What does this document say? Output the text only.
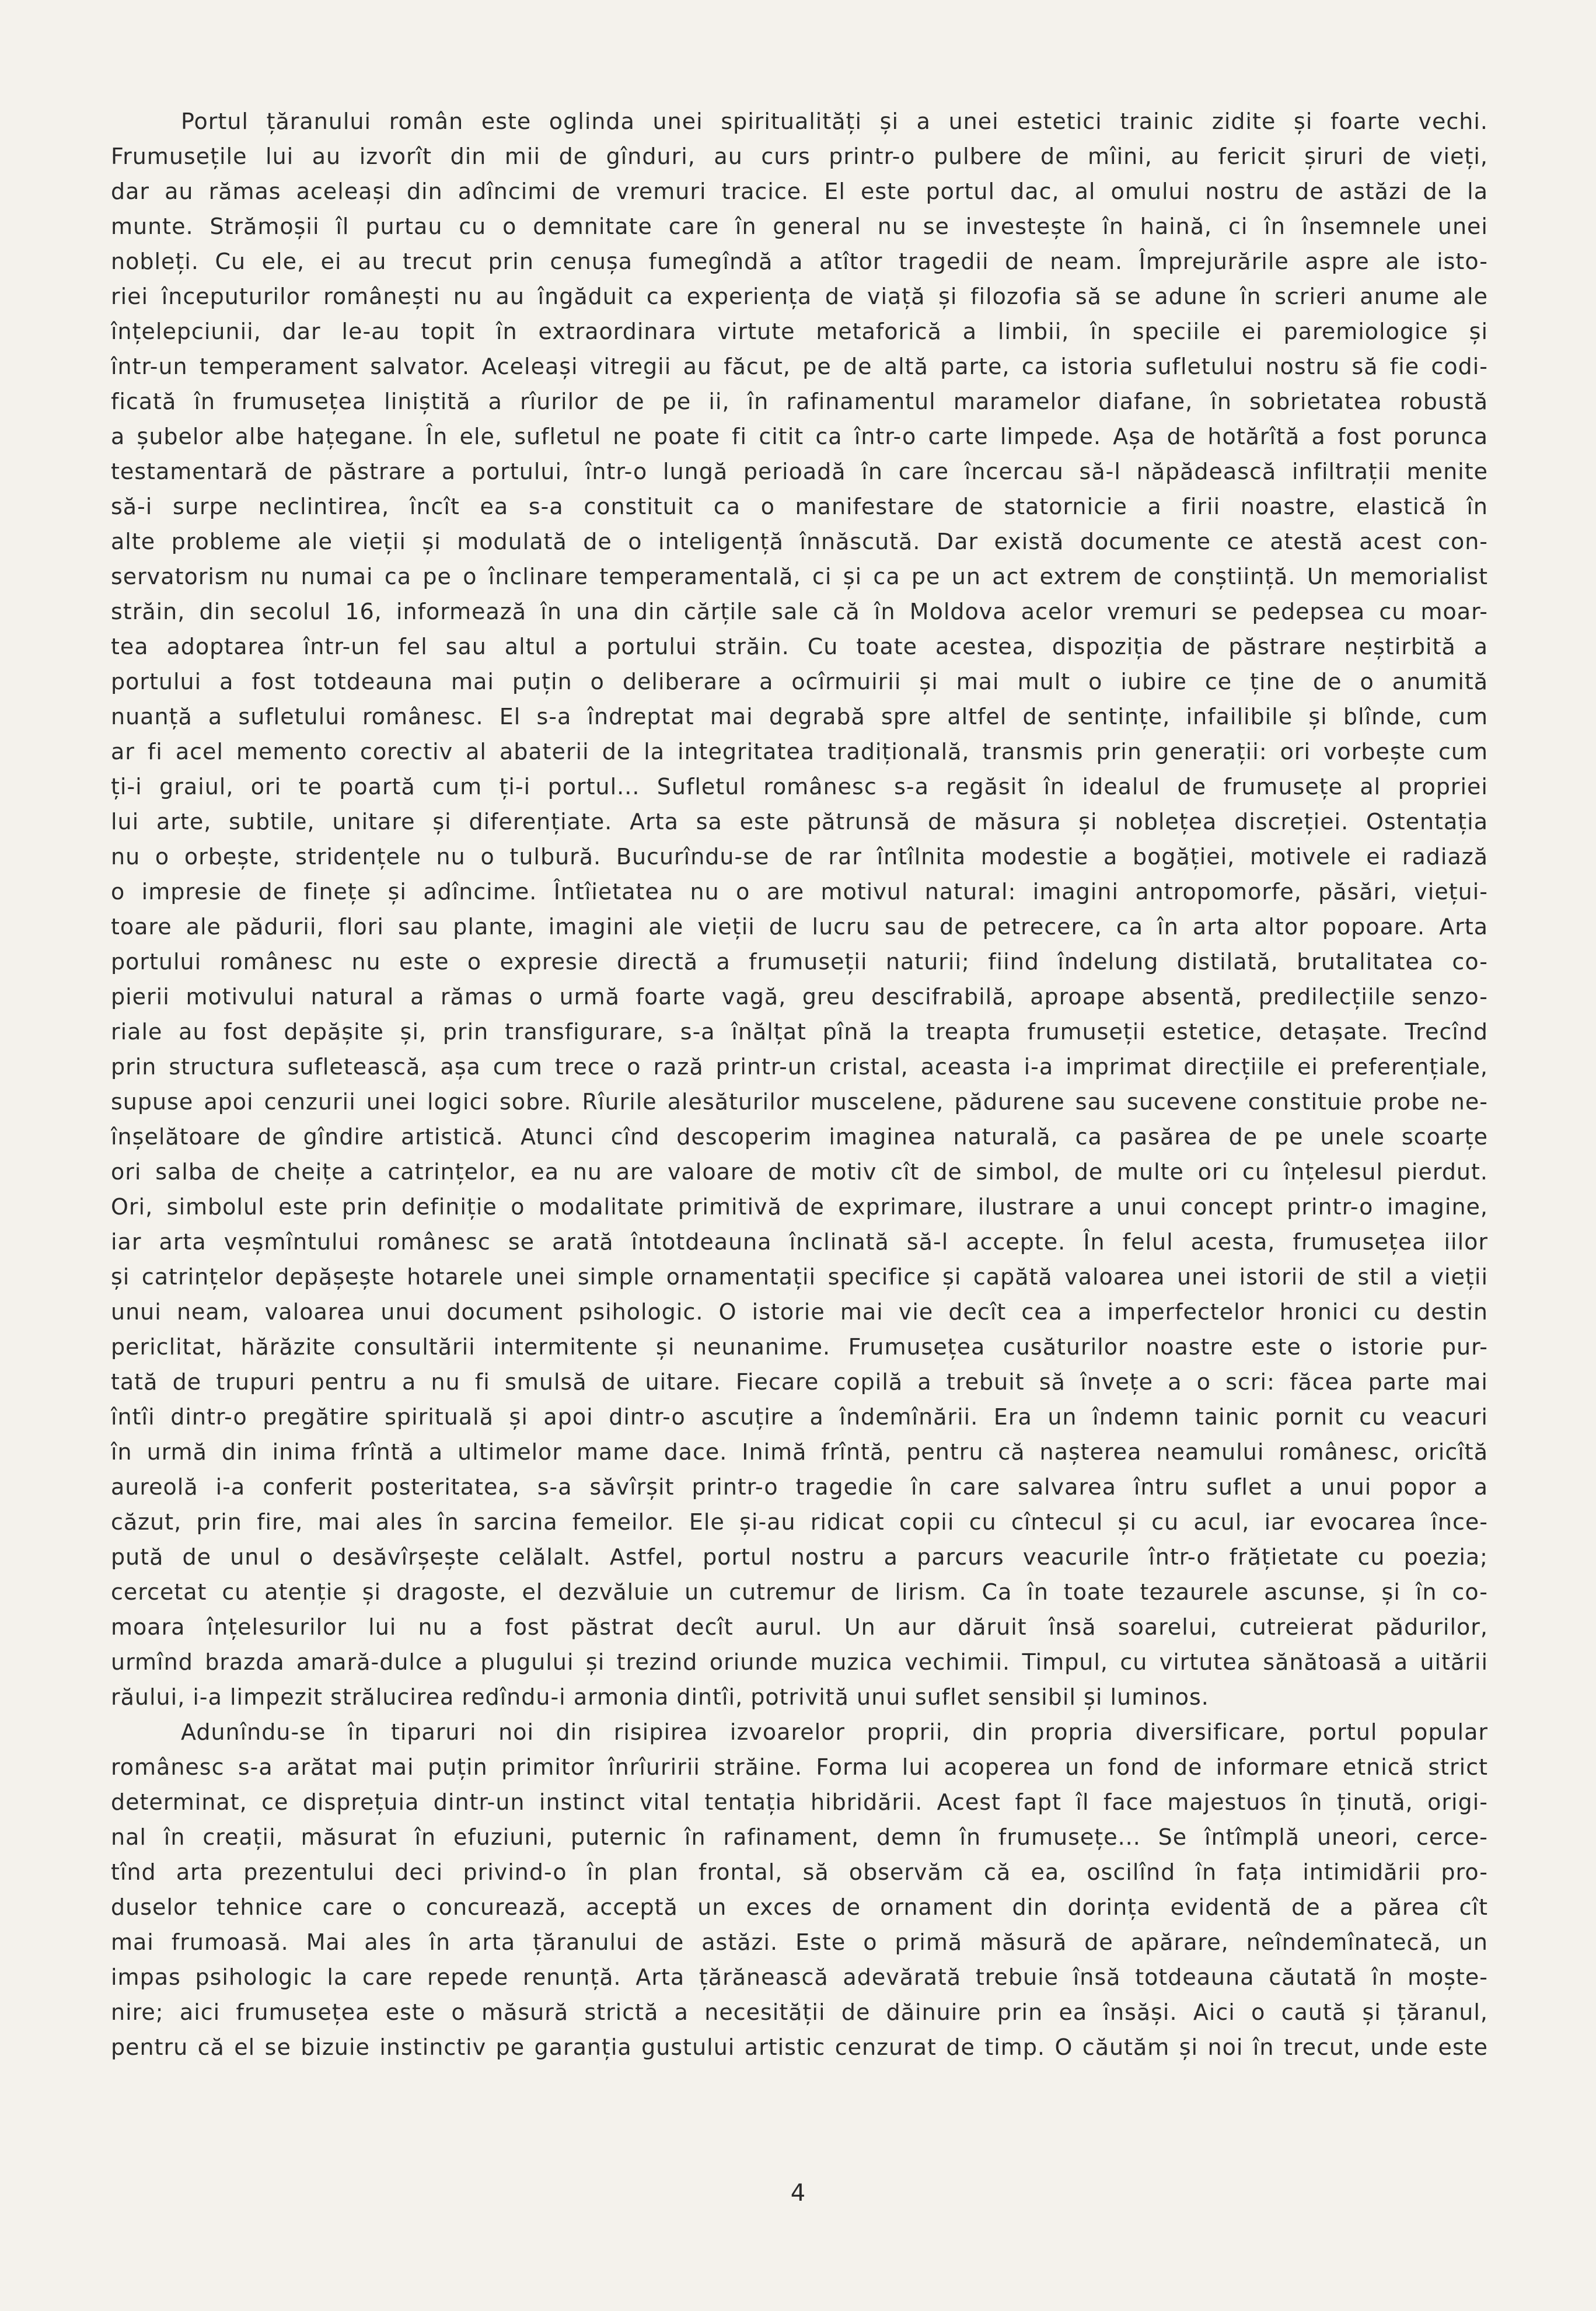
Portul țăranului român este oglinda unei spiritualități și a unei estetici trainic zidite și foarte vechi.
Frumusețile lui au izvorît din mii de gînduri, au curs printr-o pulbere de mîini, au fericit șiruri de vieți,
dar au rămas aceleași din adîncimi de vremuri tracice. El este portul dac, al omului nostru de astăzi de la
munte. Strămoșii îl purtau cu o demnitate care în general nu se investește în haină, ci în însemnele unei
nobleți. Cu ele, ei au trecut prin cenușa fumegîndă a atîtor tragedii de neam. Împrejurările aspre ale isto-
riei începuturilor românești nu au îngăduit ca experiența de viață și filozofia să se adune în scrieri anume ale
înțelepciunii, dar le-au topit în extraordinara virtute metaforică a limbii, în speciile ei paremiologice și
într-un temperament salvator. Aceleași vitregii au făcut, pe de altă parte, ca istoria sufletului nostru să fie codi-
ficată în frumusețea liniștită a rîurilor de pe ii, în rafinamentul maramelor diafane, în sobrietatea robustă
a șubelor albe hațegane. În ele, sufletul ne poate fi citit ca într-o carte limpede. Așa de hotărîtă a fost porunca
testamentară de păstrare a portului, într-o lungă perioadă în care încercau să-l năpădească infiltrații menite
să-i surpe neclintirea, încît ea s-a constituit ca o manifestare de statornicie a firii noastre, elastică în
alte probleme ale vieții și modulată de o inteligență înnăscută. Dar există documente ce atestă acest con-
servatorism nu numai ca pe o înclinare temperamentală, ci și ca pe un act extrem de conștiință. Un memorialist
străin, din secolul 16, informează în una din cărțile sale că în Moldova acelor vremuri se pedepsea cu moar-
tea adoptarea într-un fel sau altul a portului străin. Cu toate acestea, dispoziția de păstrare neștirbită a
portului a fost totdeauna mai puțin o deliberare a ocîrmuirii și mai mult o iubire ce ține de o anumită
nuanță a sufletului românesc. El s-a îndreptat mai degrabă spre altfel de sentințe, infailibile și blînde, cum
ar fi acel memento corectiv al abaterii de la integritatea tradițională, transmis prin generații: ori vorbește cum
ți-i graiul, ori te poartă cum ți-i portul... Sufletul românesc s-a regăsit în idealul de frumusețe al propriei
lui arte, subtile, unitare și diferențiate. Arta sa este pătrunsă de măsura și noblețea discreției. Ostentația
nu o orbește, stridențele nu o tulbură. Bucurîndu-se de rar întîlnita modestie a bogăției, motivele ei radiază
o impresie de finețe și adîncime. Întîietatea nu o are motivul natural: imagini antropomorfe, păsări, viețui-
toare ale pădurii, flori sau plante, imagini ale vieții de lucru sau de petrecere, ca în arta altor popoare. Arta
portului românesc nu este o expresie directă a frumuseții naturii; fiind îndelung distilată, brutalitatea co-
pierii motivului natural a rămas o urmă foarte vagă, greu descifrabilă, aproape absentă, predilecțiile senzo-
riale au fost depășite și, prin transfigurare, s-a înălțat pînă la treapta frumuseții estetice, detașate. Trecînd
prin structura sufletească, așa cum trece o rază printr-un cristal, aceasta i-a imprimat direcțiile ei preferențiale,
supuse apoi cenzurii unei logici sobre. Rîurile alesăturilor muscelene, pădurene sau sucevene constituie probe ne-
înșelătoare de gîndire artistică. Atunci cînd descoperim imaginea naturală, ca pasărea de pe unele scoarțe
ori salba de cheițe a catrințelor, ea nu are valoare de motiv cît de simbol, de multe ori cu înțelesul pierdut.
Ori, simbolul este prin definiție o modalitate primitivă de exprimare, ilustrare a unui concept printr-o imagine,
iar arta veșmîntului românesc se arată întotdeauna înclinată să-l accepte. În felul acesta, frumusețea iilor
și catrințelor depășește hotarele unei simple ornamentații specifice și capătă valoarea unei istorii de stil a vieții
unui neam, valoarea unui document psihologic. O istorie mai vie decît cea a imperfectelor hronici cu destin
periclitat, hărăzite consultării intermitente și neunanime. Frumusețea cusăturilor noastre este o istorie pur-
tată de trupuri pentru a nu fi smulsă de uitare. Fiecare copilă a trebuit să învețe a o scri: făcea parte mai
întîi dintr-o pregătire spirituală și apoi dintr-o ascuțire a îndemînării. Era un îndemn tainic pornit cu veacuri
în urmă din inima frîntă a ultimelor mame dace. Inimă frîntă, pentru că nașterea neamului românesc, oricîtă
aureolă i-a conferit posteritatea, s-a săvîrșit printr-o tragedie în care salvarea întru suflet a unui popor a
căzut, prin fire, mai ales în sarcina femeilor. Ele și-au ridicat copii cu cîntecul și cu acul, iar evocarea înce-
pută de unul o desăvîrșește celălalt. Astfel, portul nostru a parcurs veacurile într-o frățietate cu poezia;
cercetat cu atenție și dragoste, el dezvăluie un cutremur de lirism. Ca în toate tezaurele ascunse, și în co-
moara înțelesurilor lui nu a fost păstrat decît aurul. Un aur dăruit însă soarelui, cutreierat pădurilor,
urmînd brazda amară-dulce a plugului și trezind oriunde muzica vechimii. Timpul, cu virtutea sănătoasă a uitării
răului, i-a limpezit strălucirea redîndu-i armonia dintîi, potrivită unui suflet sensibil și luminos.
Adunîndu-se în tiparuri noi din risipirea izvoarelor proprii, din propria diversificare, portul popular
românesc s-a arătat mai puțin primitor înrîuririi străine. Forma lui acoperea un fond de informare etnică strict
determinat, ce disprețuia dintr-un instinct vital tentația hibridării. Acest fapt îl face majestuos în ținută, origi-
nal în creații, măsurat în efuziuni, puternic în rafinament, demn în frumusețe... Se întîmplă uneori, cerce-
tînd arta prezentului deci privind-o în plan frontal, să observăm că ea, oscilînd în fața intimidării pro-
duselor tehnice care o concurează, acceptă un exces de ornament din dorința evidentă de a părea cît
mai frumoasă. Mai ales în arta țăranului de astăzi. Este o primă măsură de apărare, neîndemînatecă, un
impas psihologic la care repede renunță. Arta țărănească adevărată trebuie însă totdeauna căutată în moște-
nire; aici frumusețea este o măsură strictă a necesității de dăinuire prin ea însăși. Aici o caută și țăranul,
pentru că el se bizuie instinctiv pe garanția gustului artistic cenzurat de timp. O căutăm și noi în trecut, unde este
4
